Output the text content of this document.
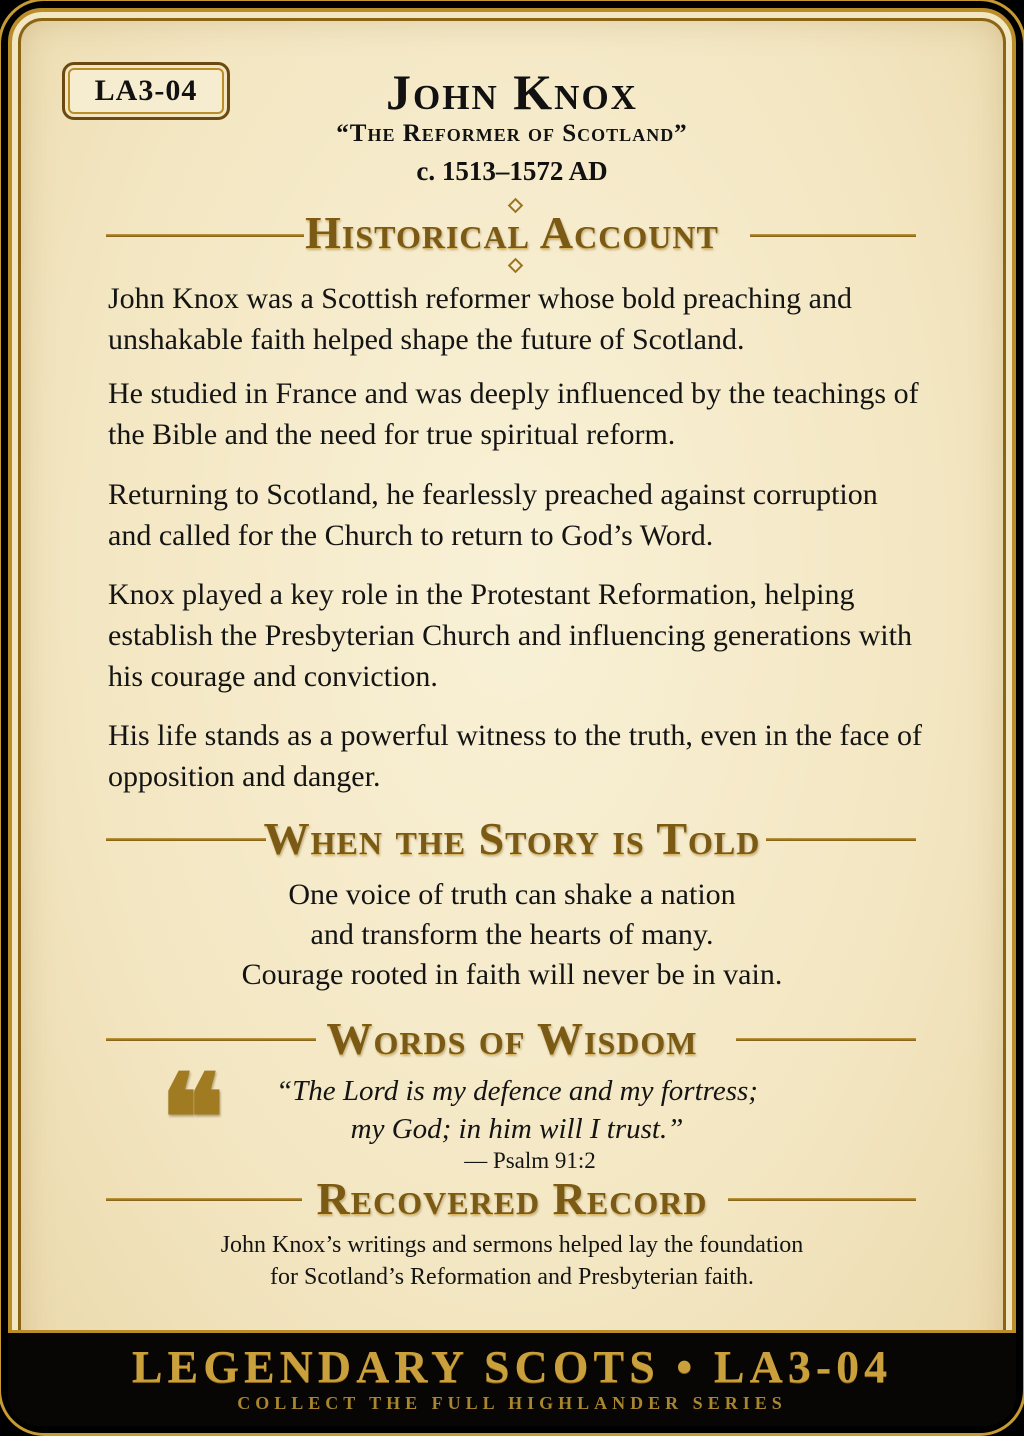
LA3-04	John Knox
“The Reformer of Scotland”
c. 1513–1572 AD
Historical Account
John Knox was a Scottish reformer whose bold preaching and unshakable faith helped shape the future of Scotland.
He studied in France and was deeply influenced by the teachings of the Bible and the need for true spiritual reform.
Returning to Scotland, he fearlessly preached against corruption and called for the Church to return to God’s Word.
Knox played a key role in the Protestant Reformation, helping establish the Presbyterian Church and influencing generations with his courage and conviction.
His life stands as a powerful witness to the truth, even in the face of opposition and danger.
When the Story is Told
One voice of truth can shake a nation
and transform the hearts of many.
Courage rooted in faith will never be in vain.
Words of Wisdom
❝	“The Lord is my defence and my fortress;
my God; in him will I trust.”
— Psalm 91:2
Recovered Record
John Knox’s writings and sermons helped lay the foundation
for Scotland’s Reformation and Presbyterian faith.
LEGENDARY SCOTS • LA3-04
COLLECT THE FULL HIGHLANDER SERIES
